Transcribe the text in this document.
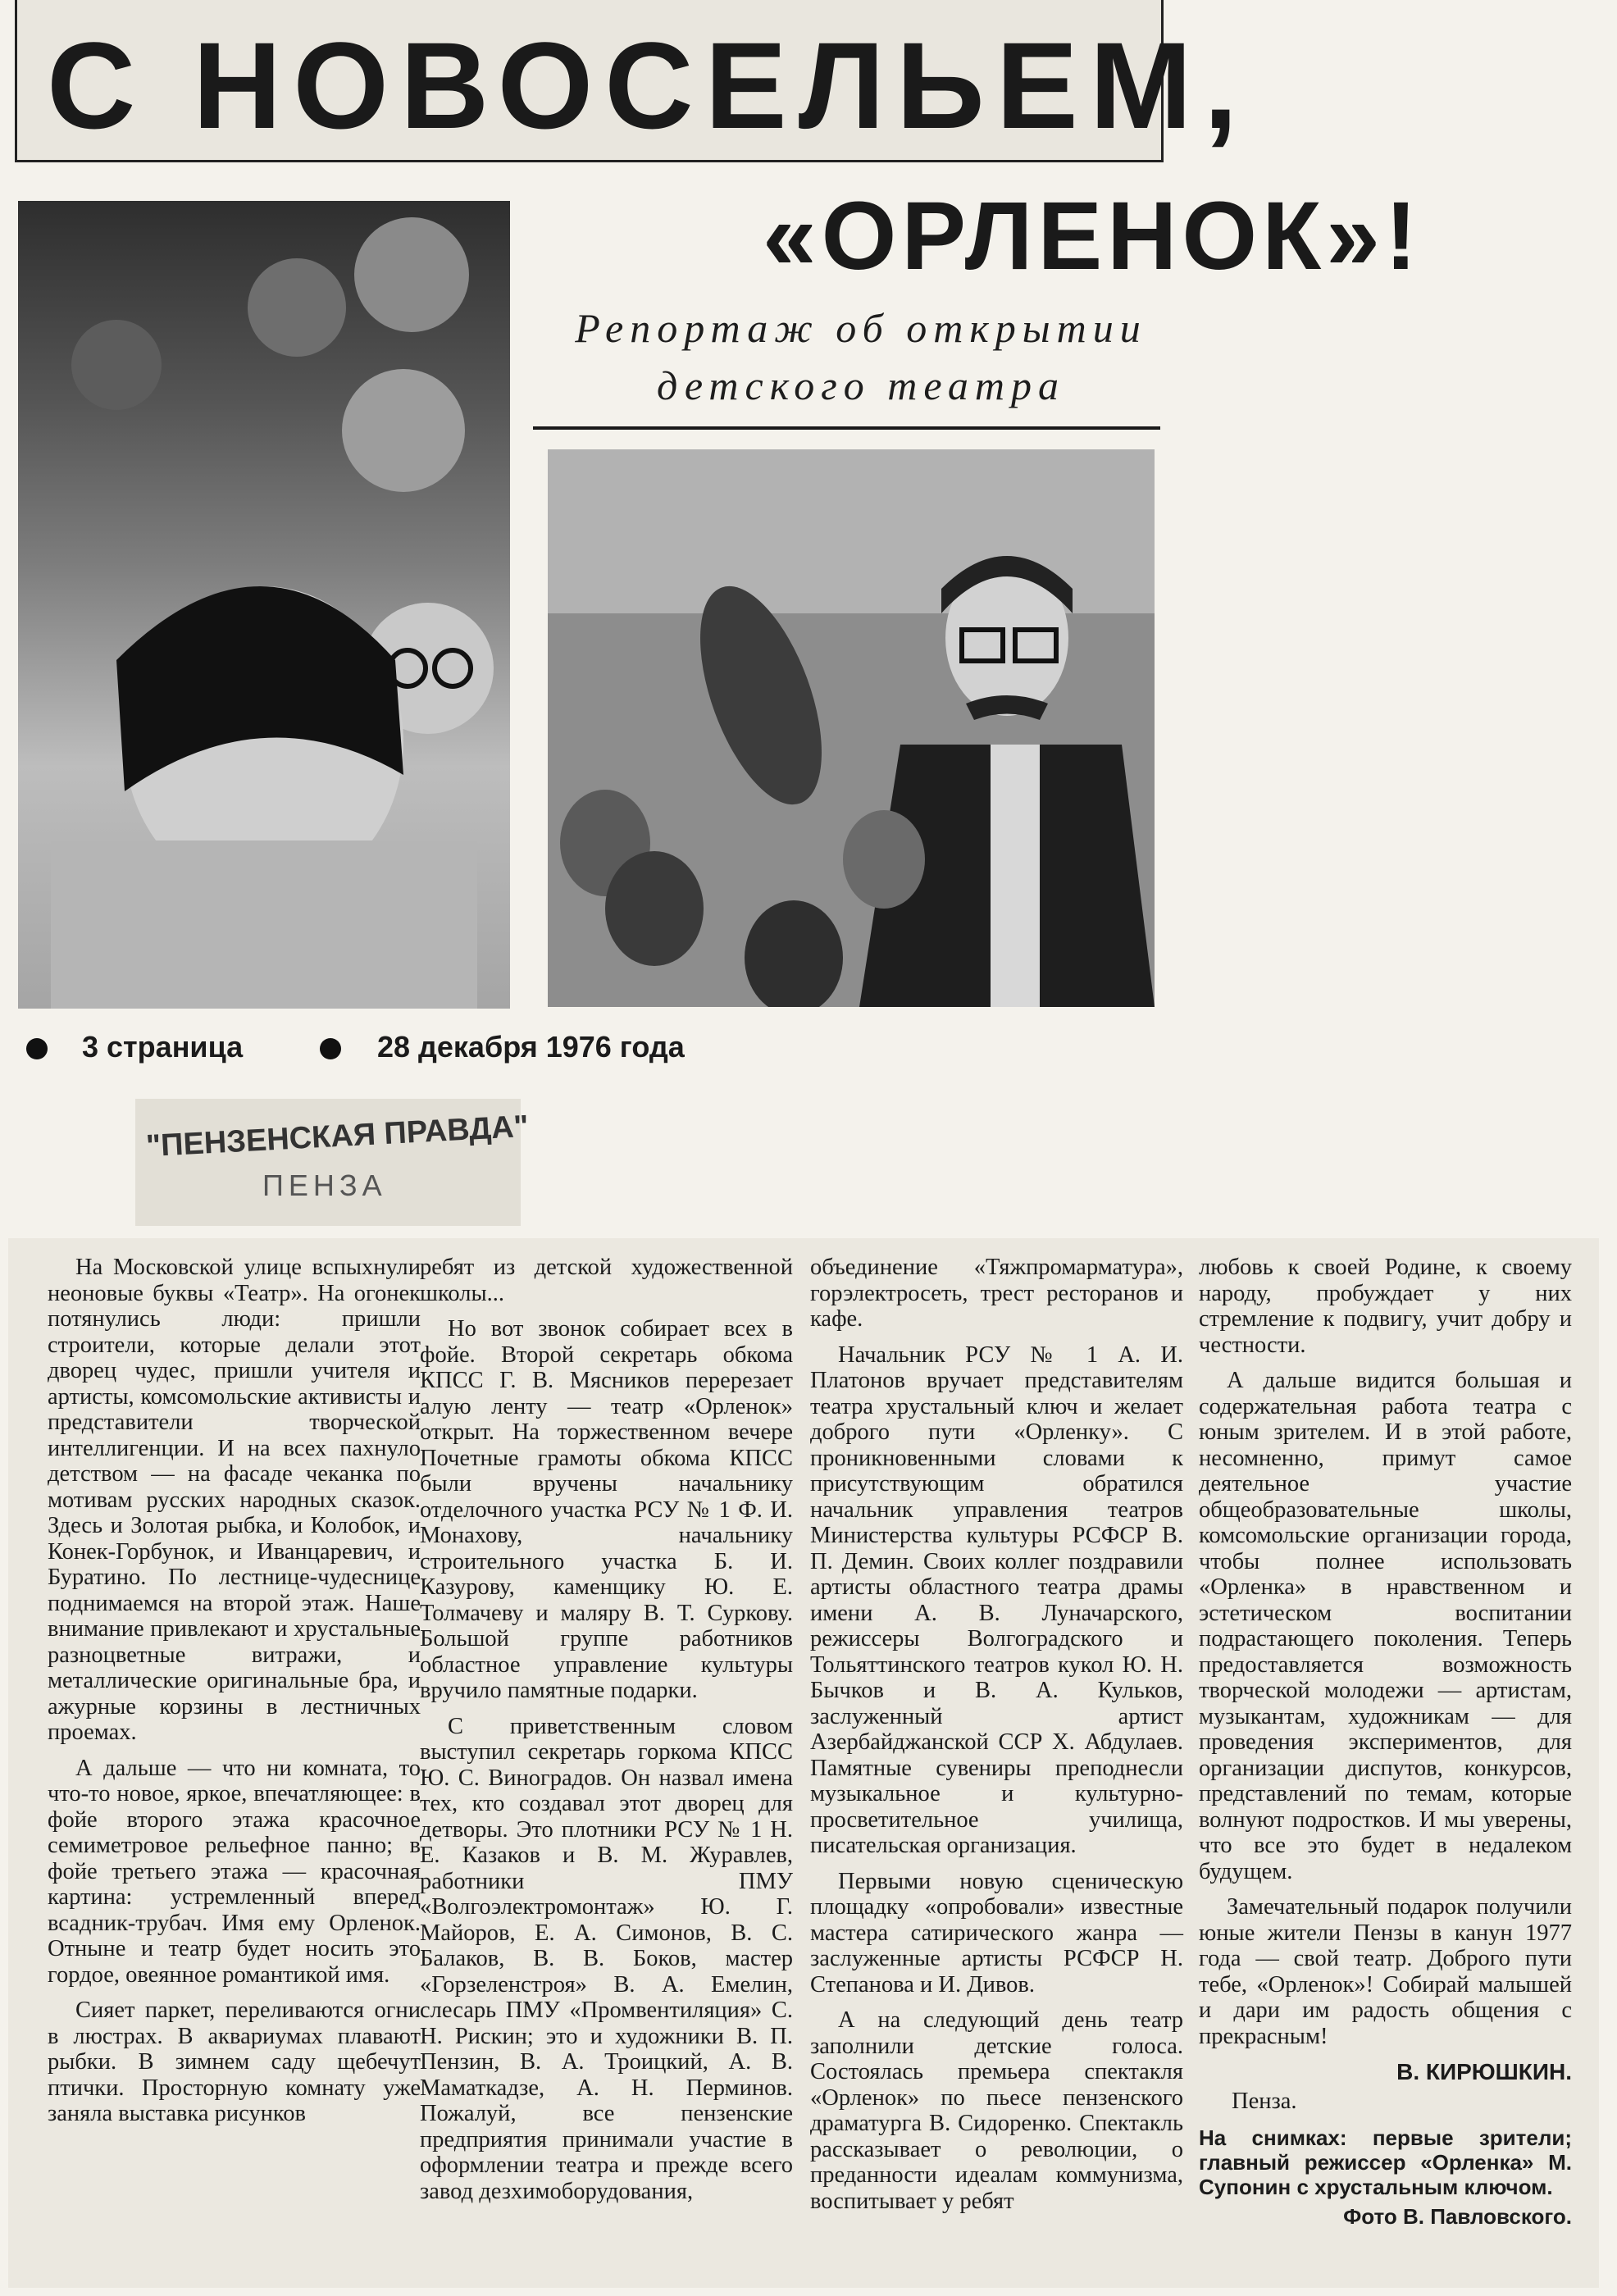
С НОВОСЕЛЬЕМ,
«ОРЛЕНОК»!
Репортаж об открытии
детского театра
3 страница	28 декабря 1976 года
"ПЕНЗЕНСКАЯ ПРАВДА"
ПЕНЗА

На Московской улице вспыхнули неоновые буквы «Театр». На огонек потянулись люди: пришли строители, которые делали этот дворец чудес, пришли учителя и артисты, комсомольские активисты и представители творческой интеллигенции. И на всех пахнуло детством — на фасаде чеканка по мотивам русских народных сказок. Здесь и Золотая рыбка, и Колобок, и Конек-Горбунок, и Иванцаревич, и Буратино. По лестнице-чудеснице поднимаемся на второй этаж. Наше внимание привлекают и хрустальные разноцветные витражи, и металлические оригинальные бра, и ажурные корзины в лестничных проемах.

А дальше — что ни комната, то что-то новое, яркое, впечатляющее: в фойе второго этажа красочное семиметровое рельефное панно; в фойе третьего этажа — красочная картина: устремленный вперед всадник-трубач. Имя ему Орленок. Отныне и театр будет носить это гордое, овеянное романтикой имя.

Сияет паркет, переливаются огни в люстрах. В аквариумах плавают рыбки. В зимнем саду щебечут птички. Просторную комнату уже заняла выставка рисунков

ребят из детской художественной школы...

Но вот звонок собирает всех в фойе. Второй секретарь обкома КПСС Г. В. Мясников перерезает алую ленту — театр «Орленок» открыт. На торжественном вечере Почетные грамоты обкома КПСС были вручены начальнику отделочного участка РСУ № 1 Ф. И. Монахову, начальнику строительного участка Б. И. Казурову, каменщику Ю. Е. Толмачеву и маляру В. Т. Суркову. Большой группе работников областное управление культуры вручило памятные подарки.

С приветственным словом выступил секретарь горкома КПСС Ю. С. Виноградов. Он назвал имена тех, кто создавал этот дворец для детворы. Это плотники РСУ № 1 Н. Е. Казаков и В. М. Журавлев, работники ПМУ «Волгоэлектромонтаж» Ю. Г. Майоров, Е. А. Симонов, В. С. Балаков, В. В. Боков, мастер «Горзеленстроя» В. А. Емелин, слесарь ПМУ «Промвентиляция» С. Н. Рискин; это и художники В. П. Пензин, В. А. Троицкий, А. В. Маматкадзе, А. Н. Перминов. Пожалуй, все пензенские предприятия принимали участие в оформлении театра и прежде всего завод дезхимоборудования,

объединение «Тяжпромарматура», горэлектросеть, трест ресторанов и кафе.

Начальник РСУ № 1 А. И. Платонов вручает представителям театра хрустальный ключ и желает доброго пути «Орленку». С проникновенными словами к присутствующим обратился начальник управления театров Министерства культуры РСФСР В. П. Демин. Своих коллег поздравили артисты областного театра драмы имени А. В. Луначарского, режиссеры Волгоградского и Тольяттинского театров кукол Ю. Н. Бычков и В. А. Кульков, заслуженный артист Азербайджанской ССР Х. Абдулаев. Памятные сувениры преподнесли музыкальное и культурно-просветительное училища, писательская организация.

Первыми новую сценическую площадку «опробовали» известные мастера сатирического жанра — заслуженные артисты РСФСР Н. Степанова и И. Дивов.

А на следующий день театр заполнили детские голоса. Состоялась премьера спектакля «Орленок» по пьесе пензенского драматурга В. Сидоренко. Спектакль рассказывает о революции, о преданности идеалам коммунизма, воспитывает у ребят

любовь к своей Родине, к своему народу, пробуждает у них стремление к подвигу, учит добру и честности.

А дальше видится большая и содержательная работа театра с юным зрителем. И в этой работе, несомненно, примут самое деятельное участие общеобразовательные школы, комсомольские организации города, чтобы полнее использовать «Орленка» в нравственном и эстетическом воспитании подрастающего поколения. Теперь предоставляется возможность творческой молодежи — артистам, музыкантам, художникам — для проведения экспериментов, для организации диспутов, конкурсов, представлений по темам, которые волнуют подростков. И мы уверены, что все это будет в недалеком будущем.

Замечательный подарок получили юные жители Пензы в канун 1977 года — свой театр. Доброго пути тебе, «Орленок»! Собирай малышей и дари им радость общения с прекрасным!

В. КИРЮШКИН.
Пенза.
На снимках: первые зрители; главный режиссер «Орленка» М. Супонин с хрустальным ключом.
Фото В. Павловского.
